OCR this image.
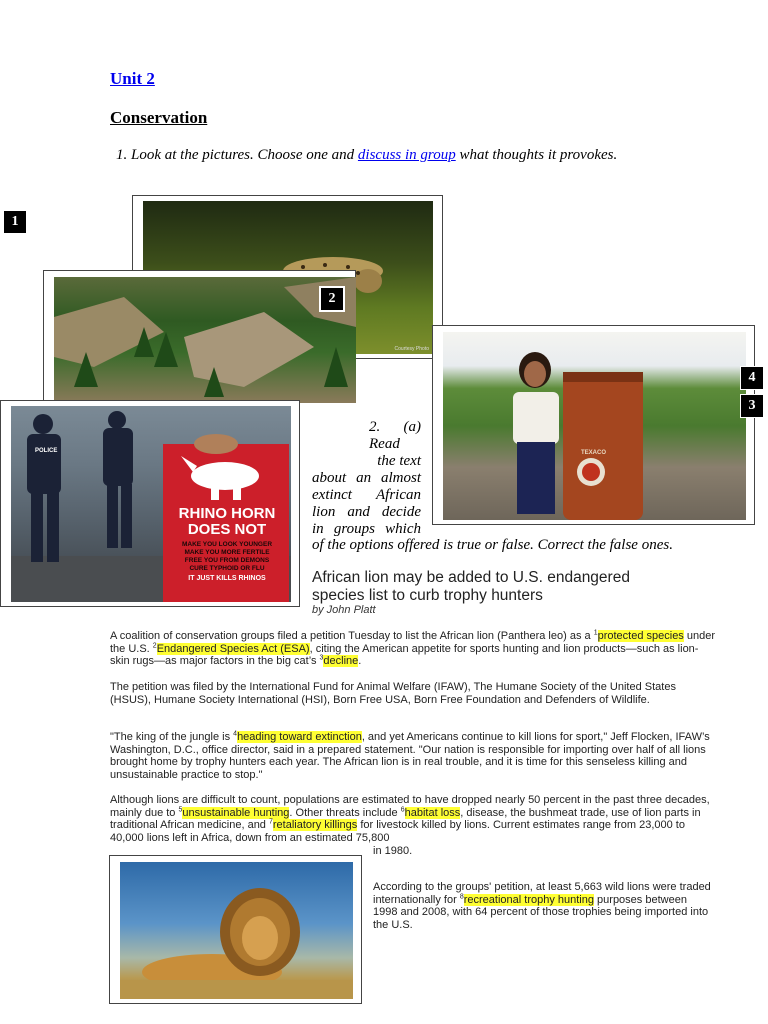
Unit 2
Conservation
1. Look at the pictures. Choose one and discuss in group what thoughts it provokes.
1
Courtesy Photo
2
TEXACO
4
3
POLICE
RHINO HORN
DOES NOT
MAKE YOU LOOK YOUNGER
MAKE YOU MORE FERTILE
FREE YOU FROM DEMONS
CURE TYPHOID OR FLU
IT JUST KILLS RHINOS
2. (a)
Read
the text
about an almost
extinct African
lion and decide
in groups which
of the options offered is true or false. Correct the false ones.
African lion may be added to U.S. endangered
species list to curb trophy hunters
by John Platt
A coalition of conservation groups filed a petition Tuesday to list the African lion (Panthera leo) as a $^1$protected species under the U.S. $^2$Endangered Species Act (ESA), citing the American appetite for sports hunting and lion products—such as lion-skin rugs—as major factors in the big cat’s $^3$decline.
The petition was filed by the International Fund for Animal Welfare (IFAW), The Humane Society of the United States (HSUS), Humane Society International (HSI), Born Free USA, Born Free Foundation and Defenders of Wildlife.
"The king of the jungle is $^4$heading toward extinction, and yet Americans continue to kill lions for sport," Jeff Flocken, IFAW’s Washington, D.C., office director, said in a prepared statement. "Our nation is responsible for importing over half of all lions brought home by trophy hunters each year. The African lion is in real trouble, and it is time for this senseless killing and unsustainable practice to stop."
Although lions are difficult to count, populations are estimated to have dropped nearly 50 percent in the past three decades, mainly due to $^5$unsustainable hunting. Other threats include $^6$habitat loss, disease, the bushmeat trade, use of lion parts in traditional African medicine, and $^7$retaliatory killings for livestock killed by lions. Current estimates range from 23,000 to 40,000 lions left in Africa, down from an estimated 75,800
in 1980.
According to the groups' petition, at least 5,663 wild lions were traded internationally for $^8$recreational trophy hunting purposes between 1998 and 2008, with 64 percent of those trophies being imported into the U.S.
